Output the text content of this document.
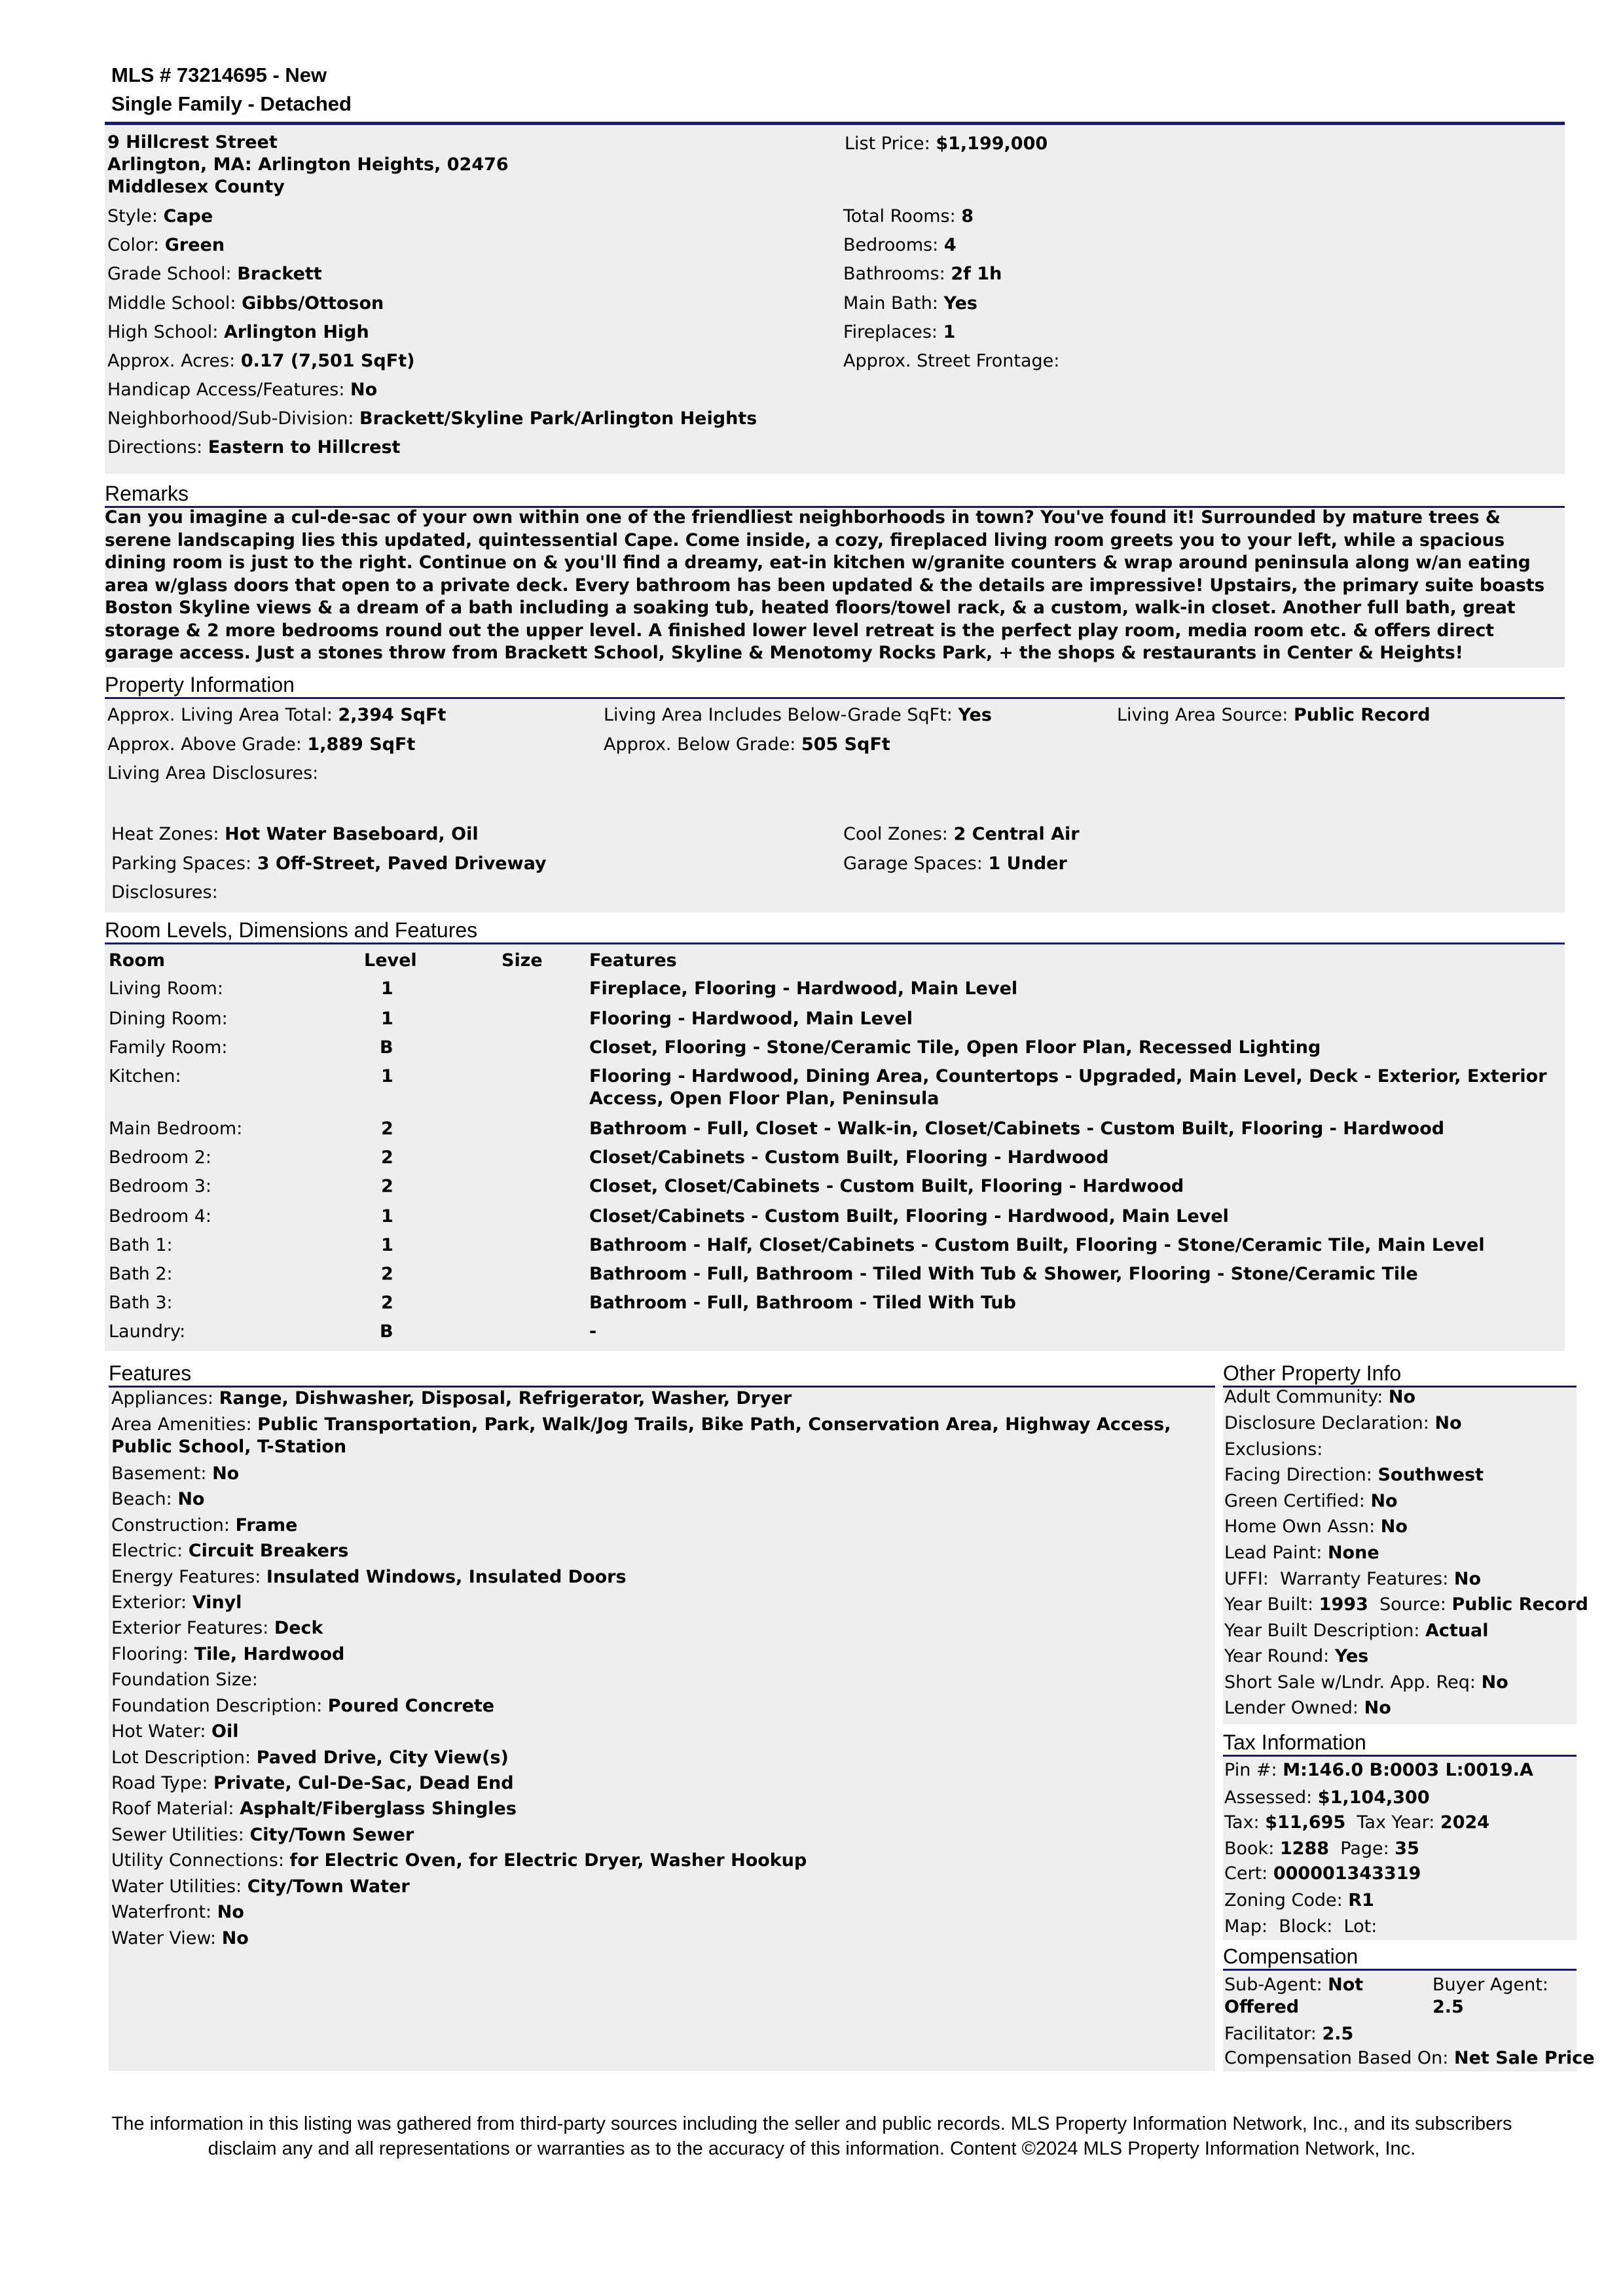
MLS # 73214695 - New
Single Family - Detached
9 Hillcrest Street
Arlington, MA: Arlington Heights, 02476
Middlesex County
List Price: $1,199,000
Style: Cape
Color: Green
Grade School: Brackett
Middle School: Gibbs/Ottoson
High School: Arlington High
Approx. Acres: 0.17 (7,501 SqFt)
Handicap Access/Features: No
Neighborhood/Sub-Division: Brackett/Skyline Park/Arlington Heights
Directions: Eastern to Hillcrest
Total Rooms: 8
Bedrooms: 4
Bathrooms: 2f 1h
Main Bath: Yes
Fireplaces: 1
Approx. Street Frontage:
Remarks
Can you imagine a cul-de-sac of your own within one of the friendliest neighborhoods in town? You've found it! Surrounded by mature trees & serene landscaping lies this updated, quintessential Cape. Come inside, a cozy, fireplaced living room greets you to your left, while a spacious dining room is just to the right. Continue on & you'll find a dreamy, eat-in kitchen w/granite counters & wrap around peninsula along w/an eating area w/glass doors that open to a private deck. Every bathroom has been updated & the details are impressive! Upstairs, the primary suite boasts Boston Skyline views & a dream of a bath including a soaking tub, heated floors/towel rack, & a custom, walk-in closet. Another full bath, great storage & 2 more bedrooms round out the upper level. A finished lower level retreat is the perfect play room, media room etc. & offers direct garage access. Just a stones throw from Brackett School, Skyline & Menotomy Rocks Park, + the shops & restaurants in Center & Heights!
Property Information
Approx. Living Area Total: 2,394 SqFt	Living Area Includes Below-Grade SqFt: Yes	Living Area Source: Public Record
Approx. Above Grade: 1,889 SqFt	Approx. Below Grade: 505 SqFt
Living Area Disclosures:
Heat Zones: Hot Water Baseboard, Oil	Cool Zones: 2 Central Air
Parking Spaces: 3 Off-Street, Paved Driveway	Garage Spaces: 1 Under
Disclosures:
Room Levels, Dimensions and Features
Room	Level	Size	Features
Living Room:	1	Fireplace, Flooring - Hardwood, Main Level
Dining Room:	1	Flooring - Hardwood, Main Level
Family Room:	B	Closet, Flooring - Stone/Ceramic Tile, Open Floor Plan, Recessed Lighting
Kitchen:	1	Flooring - Hardwood, Dining Area, Countertops - Upgraded, Main Level, Deck - Exterior, Exterior Access, Open Floor Plan, Peninsula
Main Bedroom:	2	Bathroom - Full, Closet - Walk-in, Closet/Cabinets - Custom Built, Flooring - Hardwood
Bedroom 2:	2	Closet/Cabinets - Custom Built, Flooring - Hardwood
Bedroom 3:	2	Closet, Closet/Cabinets - Custom Built, Flooring - Hardwood
Bedroom 4:	1	Closet/Cabinets - Custom Built, Flooring - Hardwood, Main Level
Bath 1:	1	Bathroom - Half, Closet/Cabinets - Custom Built, Flooring - Stone/Ceramic Tile, Main Level
Bath 2:	2	Bathroom - Full, Bathroom - Tiled With Tub & Shower, Flooring - Stone/Ceramic Tile
Bath 3:	2	Bathroom - Full, Bathroom - Tiled With Tub
Laundry:	B	-
Features
Appliances: Range, Dishwasher, Disposal, Refrigerator, Washer, Dryer
Area Amenities: Public Transportation, Park, Walk/Jog Trails, Bike Path, Conservation Area, Highway Access, Public School, T-Station
Basement: No
Beach: No
Construction: Frame
Electric: Circuit Breakers
Energy Features: Insulated Windows, Insulated Doors
Exterior: Vinyl
Exterior Features: Deck
Flooring: Tile, Hardwood
Foundation Size:
Foundation Description: Poured Concrete
Hot Water: Oil
Lot Description: Paved Drive, City View(s)
Road Type: Private, Cul-De-Sac, Dead End
Roof Material: Asphalt/Fiberglass Shingles
Sewer Utilities: City/Town Sewer
Utility Connections: for Electric Oven, for Electric Dryer, Washer Hookup
Water Utilities: City/Town Water
Waterfront: No
Water View: No
Other Property Info
Adult Community: No
Disclosure Declaration: No
Exclusions:
Facing Direction: Southwest
Green Certified: No
Home Own Assn: No
Lead Paint: None
UFFI: Warranty Features: No
Year Built: 1993 Source: Public Record
Year Built Description: Actual
Year Round: Yes
Short Sale w/Lndr. App. Req: No
Lender Owned: No
Tax Information
Pin #: M:146.0 B:0003 L:0019.A
Assessed: $1,104,300
Tax: $11,695 Tax Year: 2024
Book: 1288 Page: 35
Cert: 000001343319
Zoning Code: R1
Map: Block: Lot:
Compensation
Sub-Agent: Not
Offered
Buyer Agent:
2.5
Facilitator: 2.5
Compensation Based On: Net Sale Price
The information in this listing was gathered from third-party sources including the seller and public records. MLS Property Information Network, Inc., and its subscribers
disclaim any and all representations or warranties as to the accuracy of this information. Content ©2024 MLS Property Information Network, Inc.
